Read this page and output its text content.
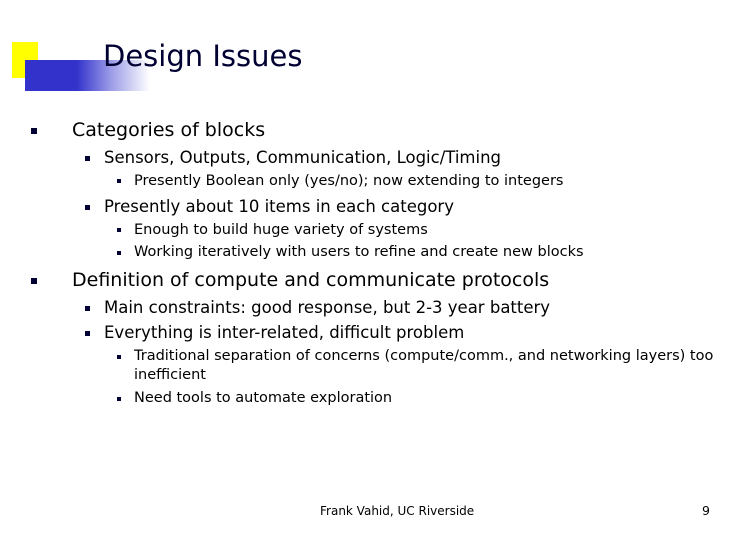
Design Issues
Categories of blocks
Sensors, Outputs, Communication, Logic/Timing
Presently Boolean only (yes/no); now extending to integers
Presently about 10 items in each category
Enough to build huge variety of systems
Working iteratively with users to refine and create new blocks
Definition of compute and communicate protocols
Main constraints: good response, but 2-3 year battery
Everything is inter-related, difficult problem
Traditional separation of concerns (compute/comm., and networking layers) too
inefficient
Need tools to automate exploration
Frank Vahid, UC Riverside	9
